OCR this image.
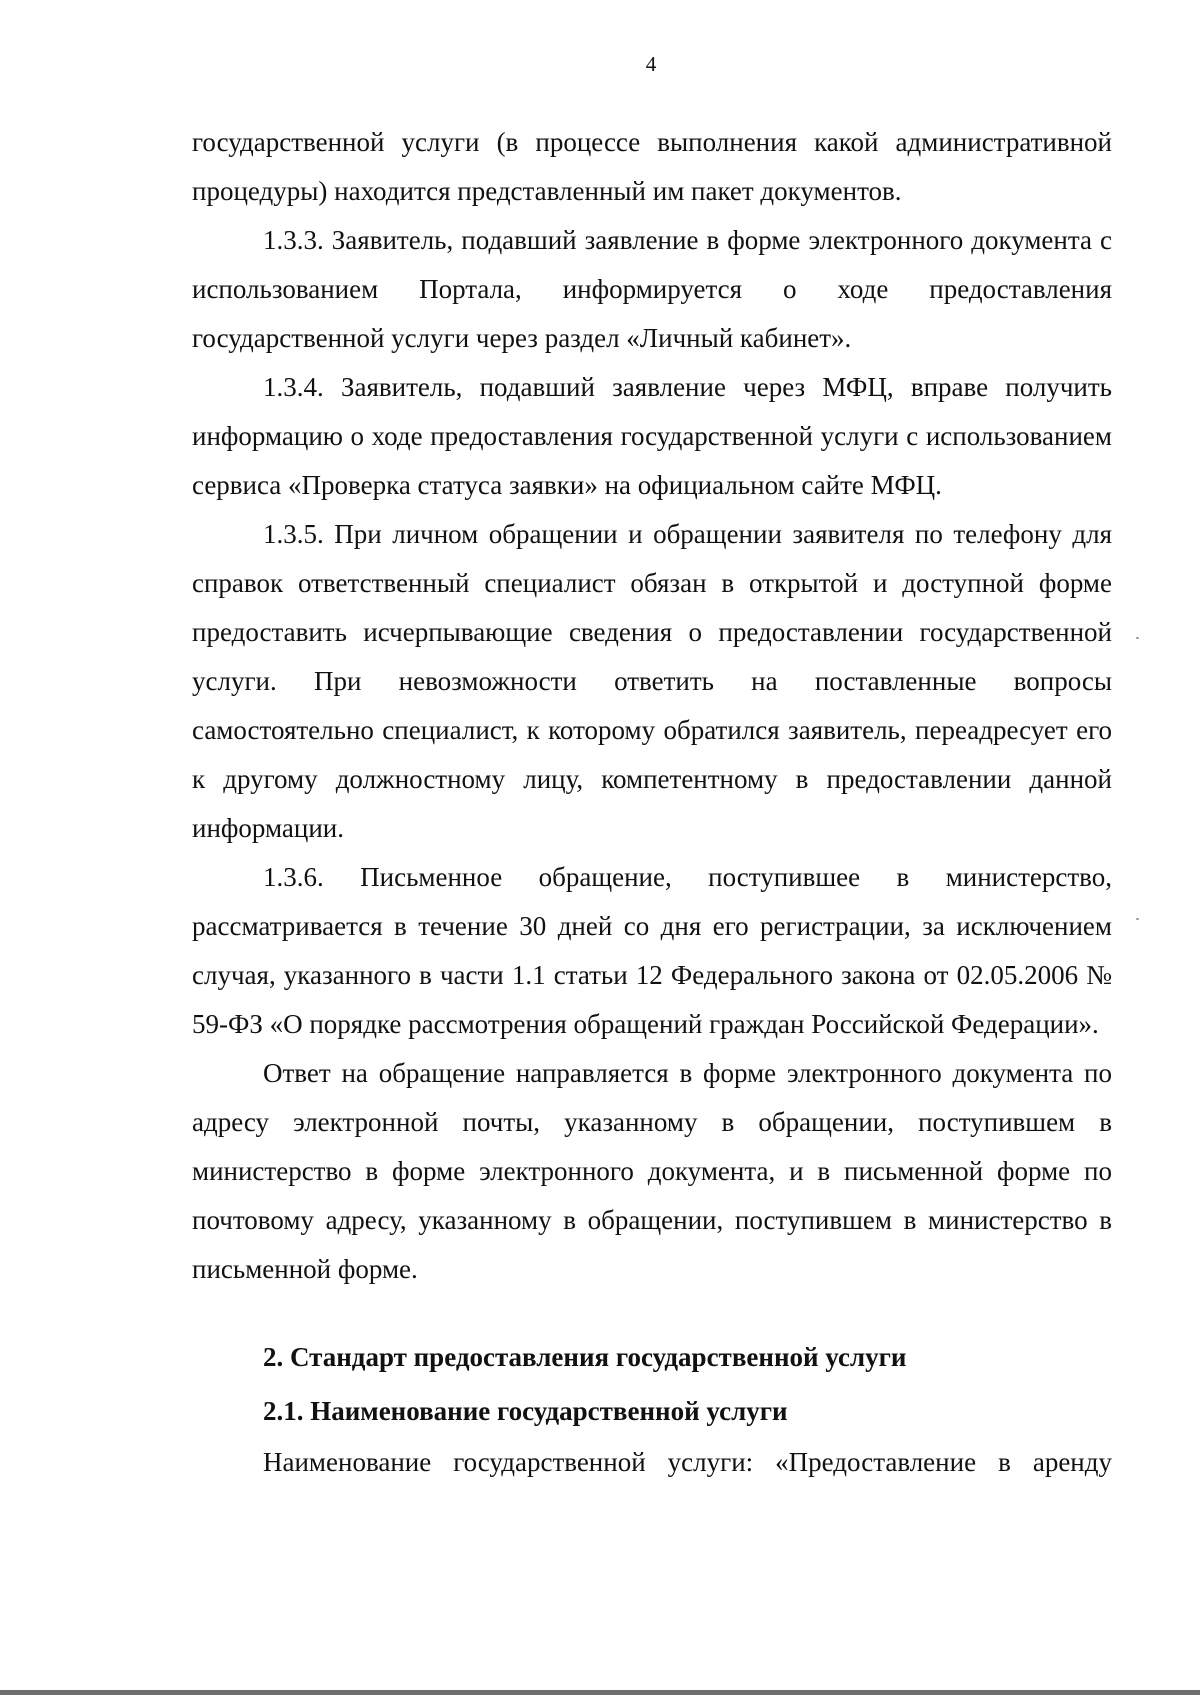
4

государственной услуги (в процессе выполнения какой административной процедуры) находится представленный им пакет документов.

1.3.3. Заявитель, подавший заявление в форме электронного документа с использованием Портала, информируется о ходе предоставления государственной услуги через раздел «Личный кабинет».

1.3.4. Заявитель, подавший заявление через МФЦ, вправе получить информацию о ходе предоставления государственной услуги с использованием сервиса «Проверка статуса заявки» на официальном сайте МФЦ.

1.3.5. При личном обращении и обращении заявителя по телефону для справок ответственный специалист обязан в открытой и доступной форме предоставить исчерпывающие сведения о предоставлении государственной услуги. При невозможности ответить на поставленные вопросы самостоятельно специалист, к которому обратился заявитель, переадресует его к другому должностному лицу, компетентному в предоставлении данной информации.

1.3.6. Письменное обращение, поступившее в министерство, рассматривается в течение 30 дней со дня его регистрации, за исключением случая, указанного в части 1.1 статьи 12 Федерального закона от 02.05.2006 № 59-ФЗ «О порядке рассмотрения обращений граждан Российской Федерации».

Ответ на обращение направляется в форме электронного документа по адресу электронной почты, указанному в обращении, поступившем в министерство в форме электронного документа, и в письменной форме по почтовому адресу, указанному в обращении, поступившем в министерство в письменной форме.

2. Стандарт предоставления государственной услуги
2.1. Наименование государственной услуги

Наименование государственной услуги: «Предоставление в аренду
